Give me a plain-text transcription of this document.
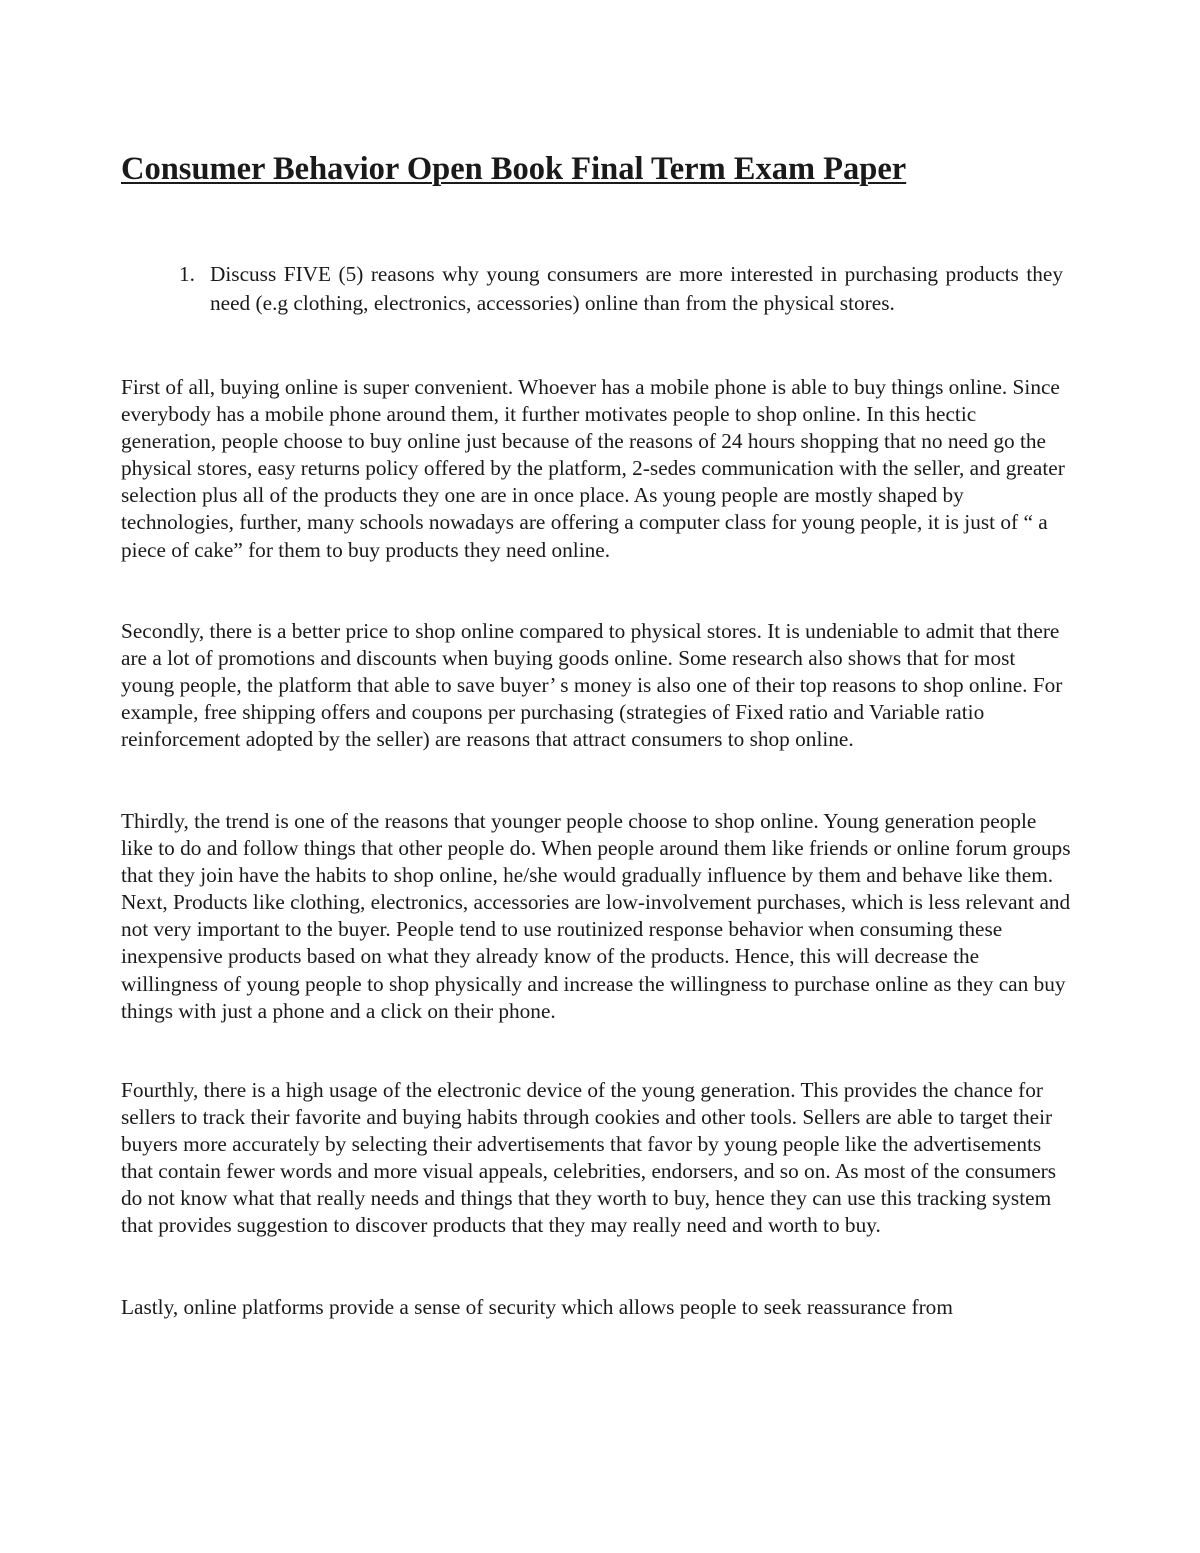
Consumer Behavior Open Book Final Term Exam Paper
1. Discuss FIVE (5) reasons why young consumers are more interested in purchasing products they need (e.g clothing, electronics, accessories) online than from the physical stores.

First of all, buying online is super convenient. Whoever has a mobile phone is able to buy things online. Since everybody has a mobile phone around them, it further motivates people to shop online. In this hectic generation, people choose to buy online just because of the reasons of 24 hours shopping that no need go the physical stores, easy returns policy offered by the platform, 2-sedes communication with the seller, and greater selection plus all of the products they one are in once place. As young people are mostly shaped by technologies, further, many schools nowadays are offering a computer class for young people, it is just of “ a piece of cake” for them to buy products they need online.

Secondly, there is a better price to shop online compared to physical stores. It is undeniable to admit that there are a lot of promotions and discounts when buying goods online. Some research also shows that for most young people, the platform that able to save buyer’ s money is also one of their top reasons to shop online. For example, free shipping offers and coupons per purchasing (strategies of Fixed ratio and Variable ratio reinforcement adopted by the seller) are reasons that attract consumers to shop online.

Thirdly, the trend is one of the reasons that younger people choose to shop online. Young generation people like to do and follow things that other people do. When people around them like friends or online forum groups that they join have the habits to shop online, he/she would gradually influence by them and behave like them. Next, Products like clothing, electronics, accessories are low-involvement purchases, which is less relevant and not very important to the buyer. People tend to use routinized response behavior when consuming these inexpensive products based on what they already know of the products. Hence, this will decrease the willingness of young people to shop physically and increase the willingness to purchase online as they can buy things with just a phone and a click on their phone.

Fourthly, there is a high usage of the electronic device of the young generation. This provides the chance for sellers to track their favorite and buying habits through cookies and other tools. Sellers are able to target their buyers more accurately by selecting their advertisements that favor by young people like the advertisements that contain fewer words and more visual appeals, celebrities, endorsers, and so on. As most of the consumers do not know what that really needs and things that they worth to buy, hence they can use this tracking system that provides suggestion to discover products that they may really need and worth to buy.

Lastly, online platforms provide a sense of security which allows people to seek reassurance from
